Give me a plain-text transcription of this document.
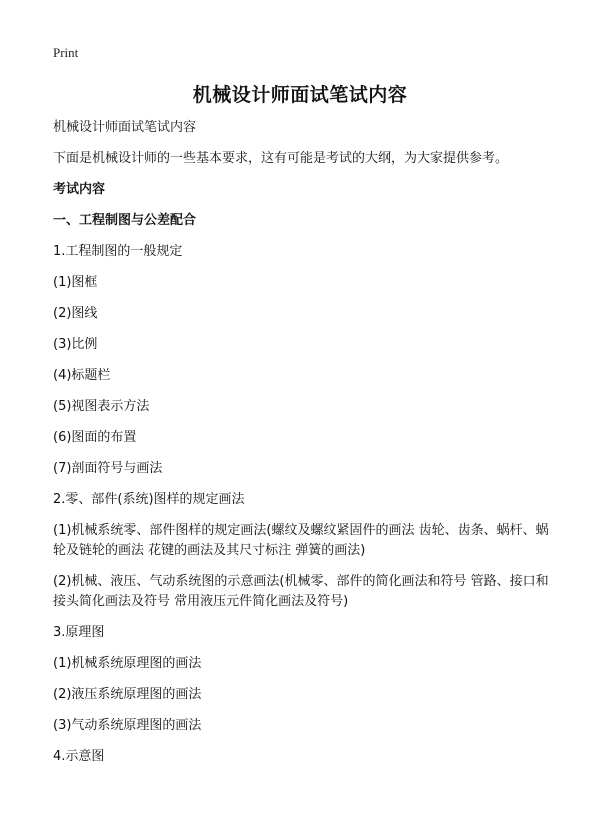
Print
机械设计师面试笔试内容

机械设计师面试笔试内容

下面是机械设计师的一些基本要求，这有可能是考试的大纲，为大家提供参考。

考试内容

一、工程制图与公差配合

1.工程制图的一般规定

(1)图框

(2)图线

(3)比例

(4)标题栏

(5)视图表示方法

(6)图面的布置

(7)剖面符号与画法

2.零、部件(系统)图样的规定画法

(1)机械系统零、部件图样的规定画法(螺纹及螺纹紧固件的画法 齿轮、齿条、蜗杆、蜗轮及链轮的画法 花键的画法及其尺寸标注 弹簧的画法)

(2)机械、液压、气动系统图的示意画法(机械零、部件的简化画法和符号 管路、接口和接头简化画法及符号 常用液压元件简化画法及符号)

3.原理图

(1)机械系统原理图的画法

(2)液压系统原理图的画法

(3)气动系统原理图的画法

4.示意图
